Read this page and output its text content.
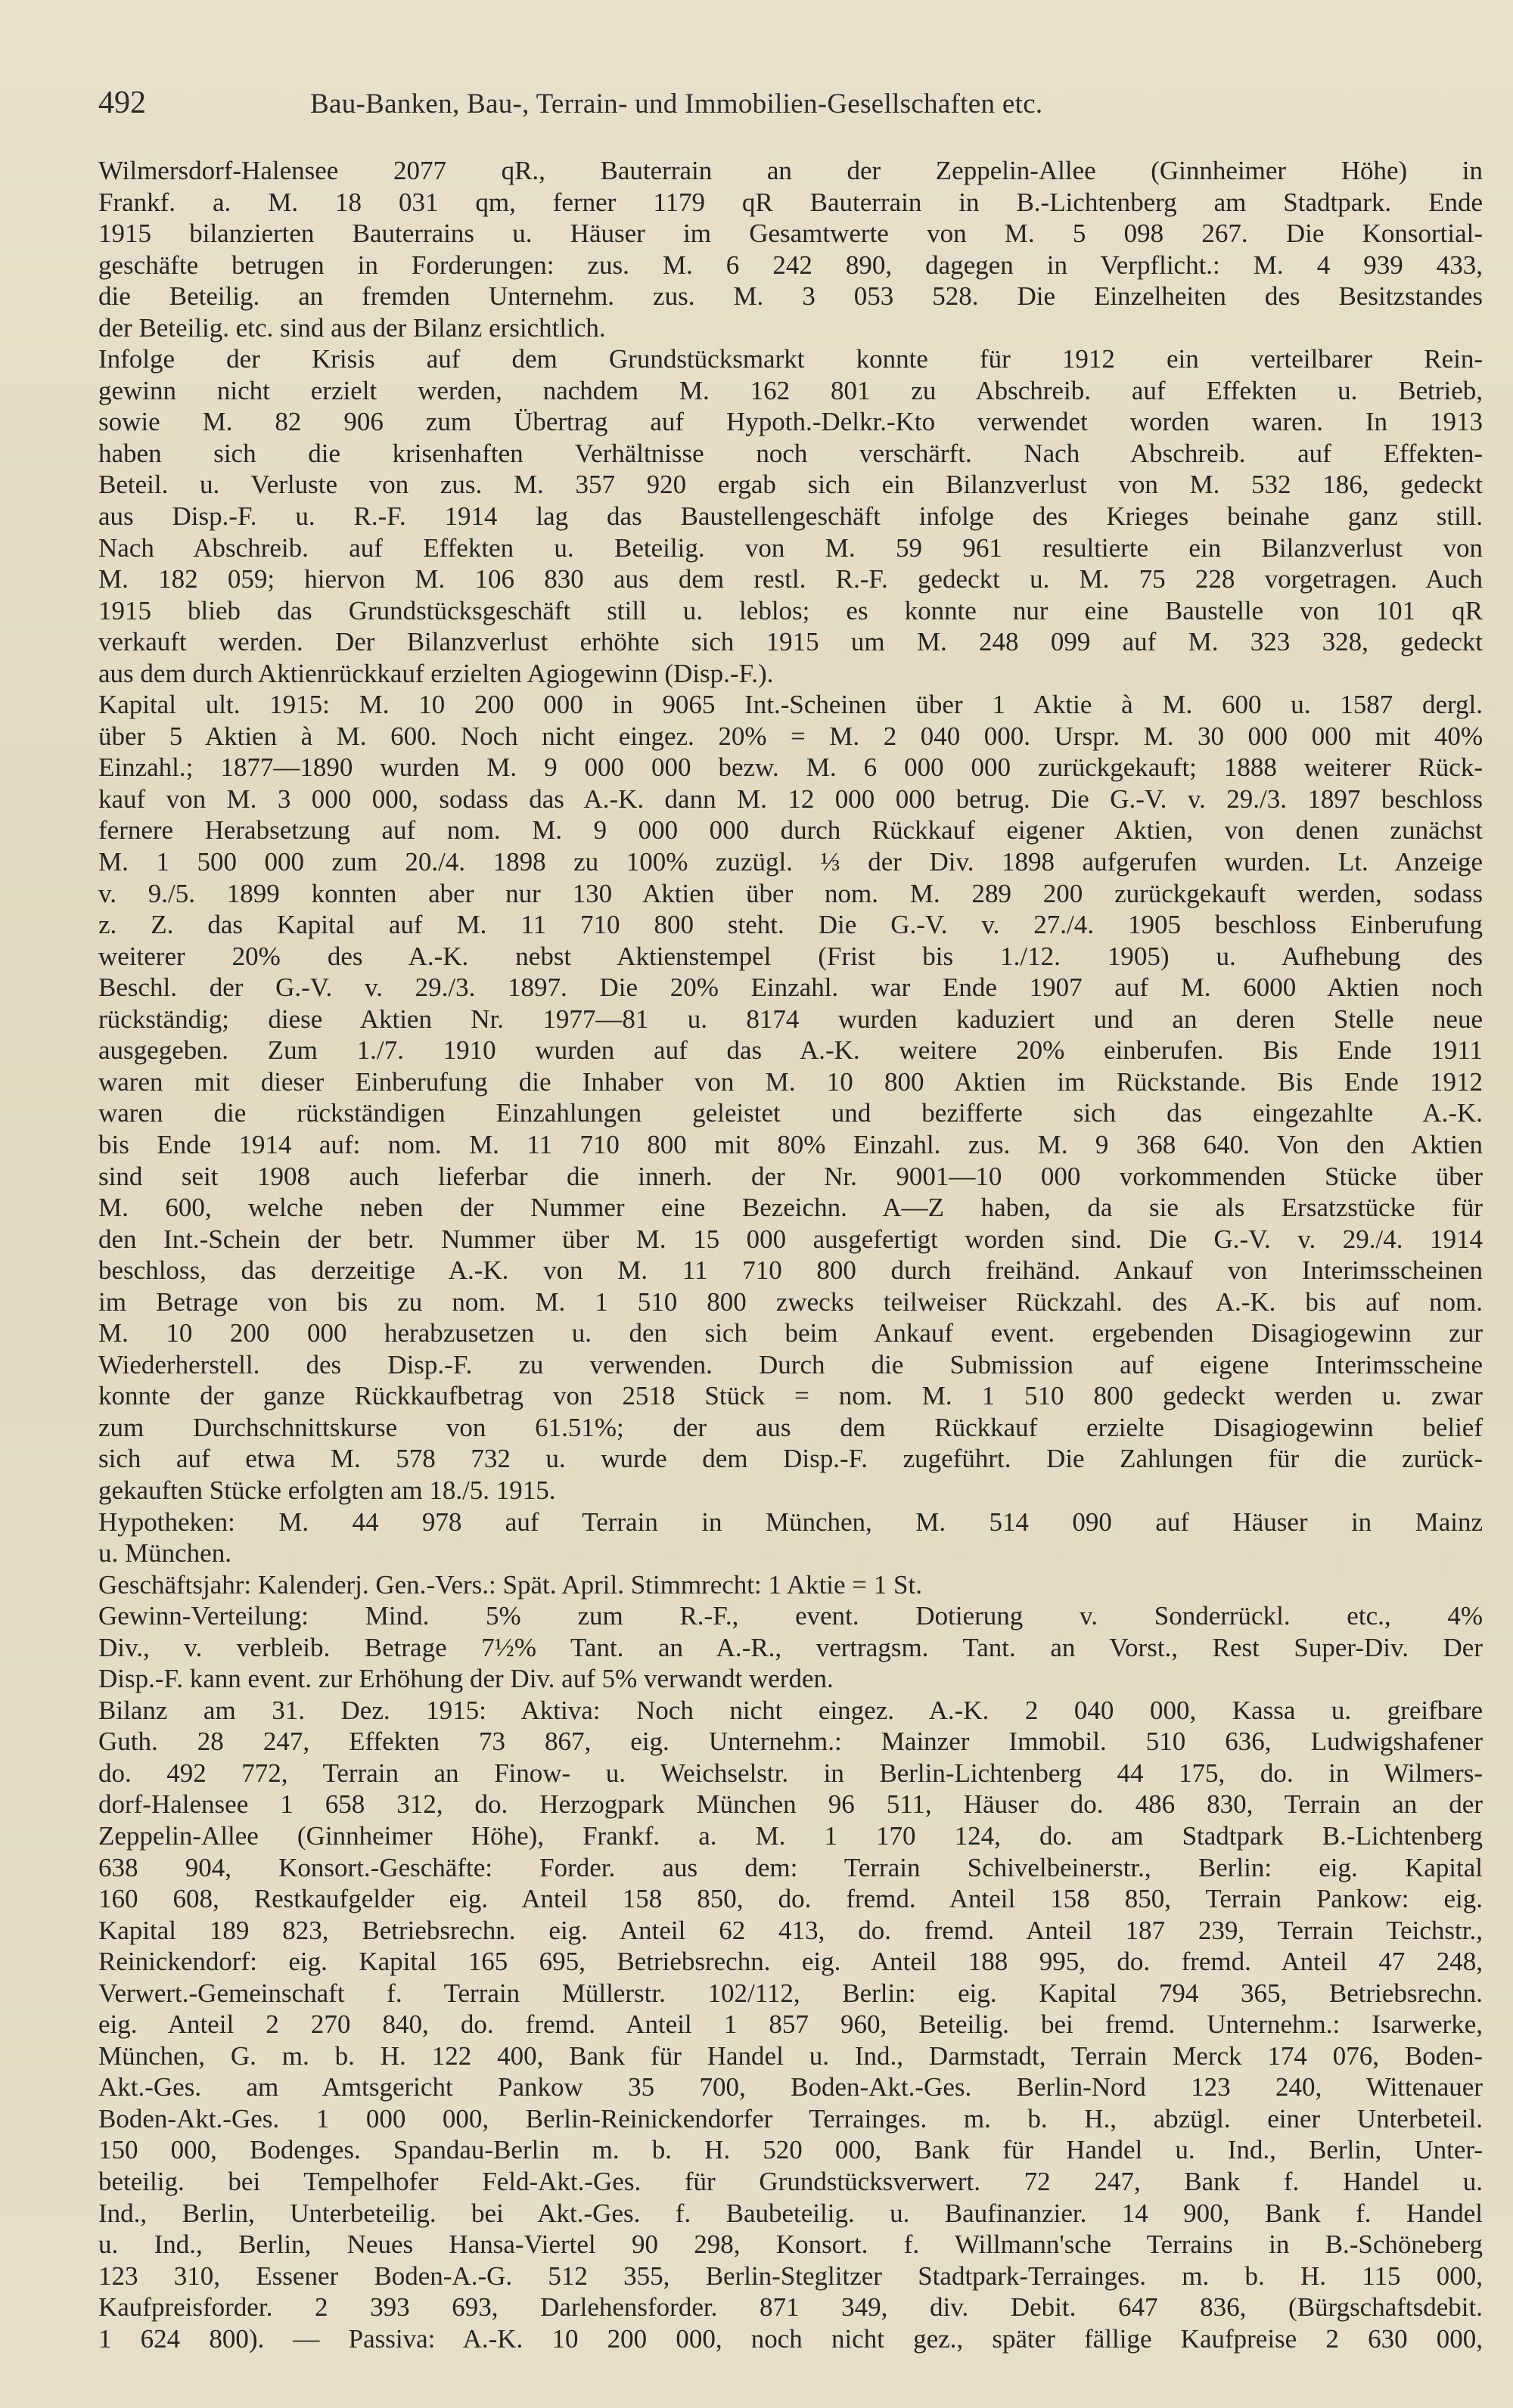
492	Bau-Banken, Bau-, Terrain- und Immobilien-Gesellschaften etc.
Wilmersdorf-Halensee 2077 qR., Bauterrain an der Zeppelin-Allee (Ginnheimer Höhe) in
Frankf. a. M. 18 031 qm, ferner 1179 qR Bauterrain in B.-Lichtenberg am Stadtpark. Ende
1915 bilanzierten Bauterrains u. Häuser im Gesamtwerte von M. 5 098 267. Die Konsortial-
geschäfte betrugen in Forderungen: zus. M. 6 242 890, dagegen in Verpflicht.: M. 4 939 433,
die Beteilig. an fremden Unternehm. zus. M. 3 053 528. Die Einzelheiten des Besitzstandes
der Beteilig. etc. sind aus der Bilanz ersichtlich.
Infolge der Krisis auf dem Grundstücksmarkt konnte für 1912 ein verteilbarer Rein-
gewinn nicht erzielt werden, nachdem M. 162 801 zu Abschreib. auf Effekten u. Betrieb,
sowie M. 82 906 zum Übertrag auf Hypoth.-Delkr.-Kto verwendet worden waren. In 1913
haben sich die krisenhaften Verhältnisse noch verschärft. Nach Abschreib. auf Effekten-
Beteil. u. Verluste von zus. M. 357 920 ergab sich ein Bilanzverlust von M. 532 186, gedeckt
aus Disp.-F. u. R.-F. 1914 lag das Baustellengeschäft infolge des Krieges beinahe ganz still.
Nach Abschreib. auf Effekten u. Beteilig. von M. 59 961 resultierte ein Bilanzverlust von
M. 182 059; hiervon M. 106 830 aus dem restl. R.-F. gedeckt u. M. 75 228 vorgetragen. Auch
1915 blieb das Grundstücksgeschäft still u. leblos; es konnte nur eine Baustelle von 101 qR
verkauft werden. Der Bilanzverlust erhöhte sich 1915 um M. 248 099 auf M. 323 328, gedeckt
aus dem durch Aktienrückkauf erzielten Agiogewinn (Disp.-F.).
Kapital ult. 1915: M. 10 200 000 in 9065 Int.-Scheinen über 1 Aktie à M. 600 u. 1587 dergl.
über 5 Aktien à M. 600. Noch nicht eingez. 20% = M. 2 040 000. Urspr. M. 30 000 000 mit 40%
Einzahl.; 1877—1890 wurden M. 9 000 000 bezw. M. 6 000 000 zurückgekauft; 1888 weiterer Rück-
kauf von M. 3 000 000, sodass das A.-K. dann M. 12 000 000 betrug. Die G.-V. v. 29./3. 1897 beschloss
fernere Herabsetzung auf nom. M. 9 000 000 durch Rückkauf eigener Aktien, von denen zunächst
M. 1 500 000 zum 20./4. 1898 zu 100% zuzügl. ⅓ der Div. 1898 aufgerufen wurden. Lt. Anzeige
v. 9./5. 1899 konnten aber nur 130 Aktien über nom. M. 289 200 zurückgekauft werden, sodass
z. Z. das Kapital auf M. 11 710 800 steht. Die G.-V. v. 27./4. 1905 beschloss Einberufung
weiterer 20% des A.-K. nebst Aktienstempel (Frist bis 1./12. 1905) u. Aufhebung des
Beschl. der G.-V. v. 29./3. 1897. Die 20% Einzahl. war Ende 1907 auf M. 6000 Aktien noch
rückständig; diese Aktien Nr. 1977—81 u. 8174 wurden kaduziert und an deren Stelle neue
ausgegeben. Zum 1./7. 1910 wurden auf das A.-K. weitere 20% einberufen. Bis Ende 1911
waren mit dieser Einberufung die Inhaber von M. 10 800 Aktien im Rückstande. Bis Ende 1912
waren die rückständigen Einzahlungen geleistet und bezifferte sich das eingezahlte A.-K.
bis Ende 1914 auf: nom. M. 11 710 800 mit 80% Einzahl. zus. M. 9 368 640. Von den Aktien
sind seit 1908 auch lieferbar die innerh. der Nr. 9001—10 000 vorkommenden Stücke über
M. 600, welche neben der Nummer eine Bezeichn. A—Z haben, da sie als Ersatzstücke für
den Int.-Schein der betr. Nummer über M. 15 000 ausgefertigt worden sind. Die G.-V. v. 29./4. 1914
beschloss, das derzeitige A.-K. von M. 11 710 800 durch freihänd. Ankauf von Interimsscheinen
im Betrage von bis zu nom. M. 1 510 800 zwecks teilweiser Rückzahl. des A.-K. bis auf nom.
M. 10 200 000 herabzusetzen u. den sich beim Ankauf event. ergebenden Disagiogewinn zur
Wiederherstell. des Disp.-F. zu verwenden. Durch die Submission auf eigene Interimsscheine
konnte der ganze Rückkaufbetrag von 2518 Stück = nom. M. 1 510 800 gedeckt werden u. zwar
zum Durchschnittskurse von 61.51%; der aus dem Rückkauf erzielte Disagiogewinn belief
sich auf etwa M. 578 732 u. wurde dem Disp.-F. zugeführt. Die Zahlungen für die zurück-
gekauften Stücke erfolgten am 18./5. 1915.
Hypotheken: M. 44 978 auf Terrain in München, M. 514 090 auf Häuser in Mainz
u. München.
Geschäftsjahr: Kalenderj. Gen.-Vers.: Spät. April. Stimmrecht: 1 Aktie = 1 St.
Gewinn-Verteilung: Mind. 5% zum R.-F., event. Dotierung v. Sonderrückl. etc., 4%
Div., v. verbleib. Betrage 7½% Tant. an A.-R., vertragsm. Tant. an Vorst., Rest Super-Div. Der
Disp.-F. kann event. zur Erhöhung der Div. auf 5% verwandt werden.
Bilanz am 31. Dez. 1915: Aktiva: Noch nicht eingez. A.-K. 2 040 000, Kassa u. greifbare
Guth. 28 247, Effekten 73 867, eig. Unternehm.: Mainzer Immobil. 510 636, Ludwigshafener
do. 492 772, Terrain an Finow- u. Weichselstr. in Berlin-Lichtenberg 44 175, do. in Wilmers-
dorf-Halensee 1 658 312, do. Herzogpark München 96 511, Häuser do. 486 830, Terrain an der
Zeppelin-Allee (Ginnheimer Höhe), Frankf. a. M. 1 170 124, do. am Stadtpark B.-Lichtenberg
638 904, Konsort.-Geschäfte: Forder. aus dem: Terrain Schivelbeinerstr., Berlin: eig. Kapital
160 608, Restkaufgelder eig. Anteil 158 850, do. fremd. Anteil 158 850, Terrain Pankow: eig.
Kapital 189 823, Betriebsrechn. eig. Anteil 62 413, do. fremd. Anteil 187 239, Terrain Teichstr.,
Reinickendorf: eig. Kapital 165 695, Betriebsrechn. eig. Anteil 188 995, do. fremd. Anteil 47 248,
Verwert.-Gemeinschaft f. Terrain Müllerstr. 102/112, Berlin: eig. Kapital 794 365, Betriebsrechn.
eig. Anteil 2 270 840, do. fremd. Anteil 1 857 960, Beteilig. bei fremd. Unternehm.: Isarwerke,
München, G. m. b. H. 122 400, Bank für Handel u. Ind., Darmstadt, Terrain Merck 174 076, Boden-
Akt.-Ges. am Amtsgericht Pankow 35 700, Boden-Akt.-Ges. Berlin-Nord 123 240, Wittenauer
Boden-Akt.-Ges. 1 000 000, Berlin-Reinickendorfer Terrainges. m. b. H., abzügl. einer Unterbeteil.
150 000, Bodenges. Spandau-Berlin m. b. H. 520 000, Bank für Handel u. Ind., Berlin, Unter-
beteilig. bei Tempelhofer Feld-Akt.-Ges. für Grundstücksverwert. 72 247, Bank f. Handel u.
Ind., Berlin, Unterbeteilig. bei Akt.-Ges. f. Baubeteilig. u. Baufinanzier. 14 900, Bank f. Handel
u. Ind., Berlin, Neues Hansa-Viertel 90 298, Konsort. f. Willmann'sche Terrains in B.-Schöneberg
123 310, Essener Boden-A.-G. 512 355, Berlin-Steglitzer Stadtpark-Terrainges. m. b. H. 115 000,
Kaufpreisforder. 2 393 693, Darlehensforder. 871 349, div. Debit. 647 836, (Bürgschaftsdebit.
1 624 800). — Passiva: A.-K. 10 200 000, noch nicht gez., später fällige Kaufpreise 2 630 000,
